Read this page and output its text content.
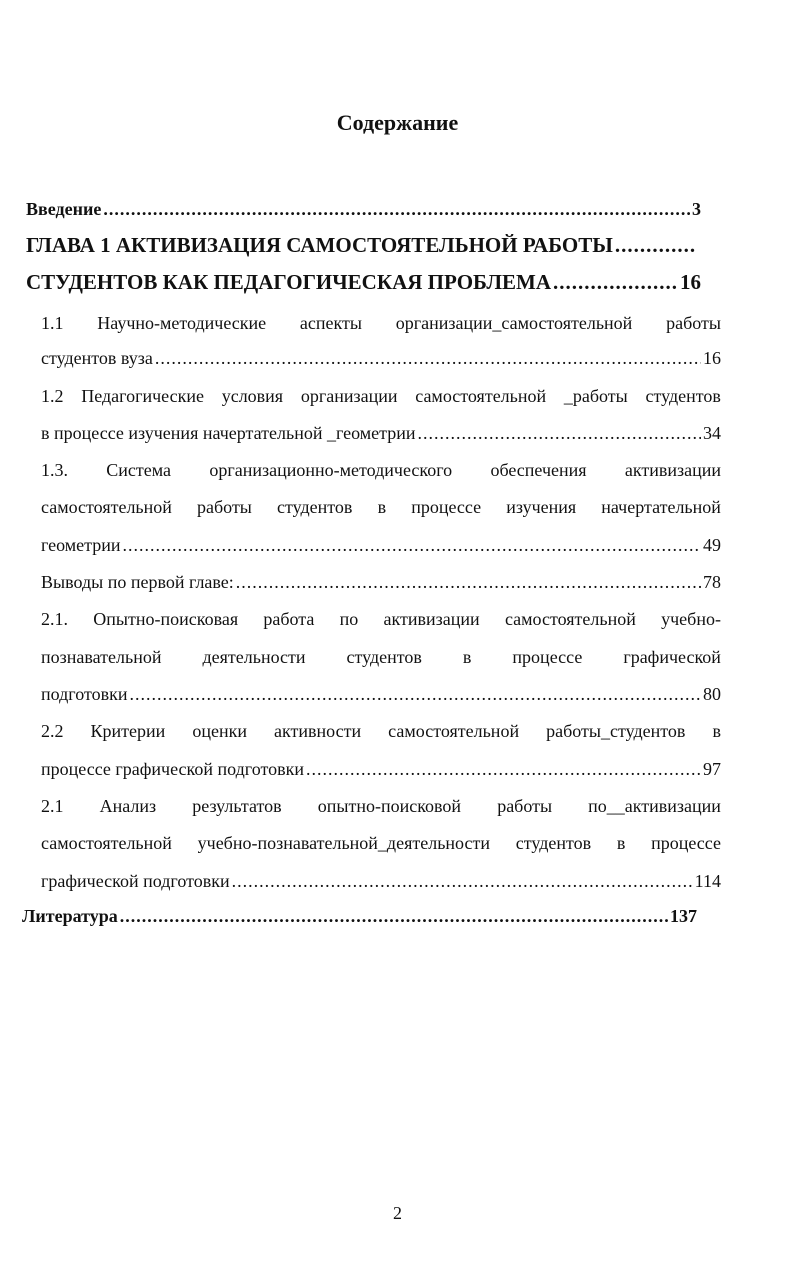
Содержание
Введение .....	3
ГЛАВА 1 АКТИВИЗАЦИЯ САМОСТОЯТЕЛЬНОЙ РАБОТЫ
.....
СТУДЕНТОВ КАК ПЕДАГОГИЧЕСКАЯ ПРОБЛЕМА .....	16
1.1 Научно-методические аспекты организации_самостоятельной работы
студентов вуза .....	16
1.2 Педагогические условия организации самостоятельной _работы студентов
в процессе изучения начертательной _геометрии .....	34
1.3. Система организационно-методического обеспечения активизации
самостоятельной работы студентов в процессе изучения начертательной
геометрии .....	49
Выводы по первой главе: .....	78
2.1. Опытно-поисковая работа по активизации самостоятельной учебно-
познавательной деятельности студентов в процессе графической
подготовки .....	80
2.2 Критерии оценки активности самостоятельной работы_студентов в
процессе графической подготовки .....	97
2.1 Анализ результатов опытно-поисковой работы по__активизации
самостоятельной учебно-познавательной_деятельности студентов в процессе
графической подготовки .....	114
Литература .....	137
2
